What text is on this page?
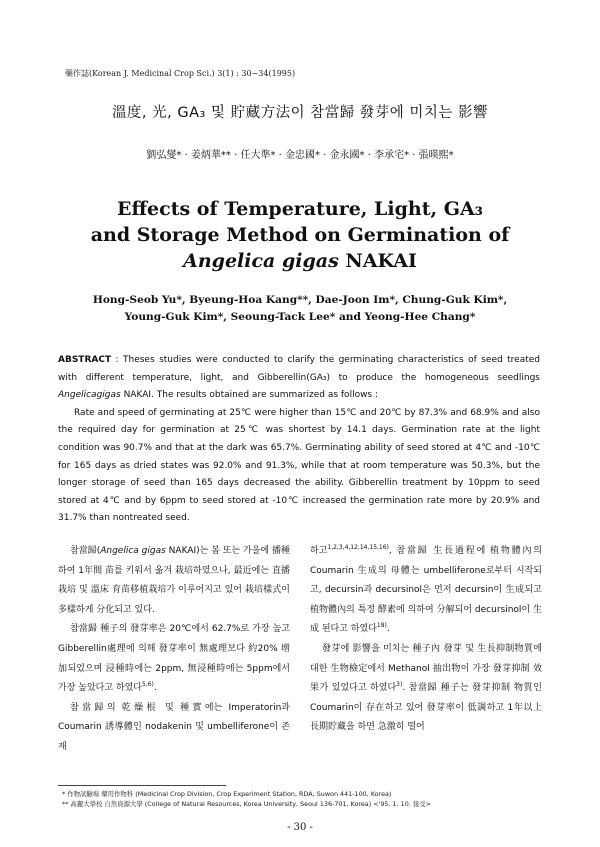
藥作誌(Korean J. Medicinal Crop Sci.) 3(1) : 30~34(1995)
溫度, 光, GA₃ 및 貯藏方法이 참當歸 發芽에 미치는 影響
劉弘燮* · 姜炳華** · 任大準* · 金忠國* · 金永國* · 李承宅* · 張暎熙*
Effects of Temperature, Light, GA₃
and Storage Method on Germination of
Angelica gigas NAKAI
Hong-Seob Yu*, Byeung-Hoa Kang**, Dae-Joon Im*, Chung-Guk Kim*,
Young-Guk Kim*, Seoung-Tack Lee* and Yeong-Hee Chang*

ABSTRACT : Theses studies were conducted to clarify the germinating characteristics of seed treated with different temperature, light, and Gibberellin(GA₃) to produce the homogeneous seedlings Angelicagigas NAKAI. The results obtained are summarized as follows :

Rate and speed of germinating at 25℃ were higher than 15℃ and 20℃ by 87.3% and 68.9% and also the required day for germination at 25℃ was shortest by 14.1 days. Germination rate at the light condition was 90.7% and that at the dark was 65.7%. Germinating ability of seed stored at 4℃ and -10℃ for 165 days as dried states was 92.0% and 91.3%, while that at room temperature was 50.3%, but the longer storage of seed than 165 days decreased the ability. Gibberellin treatment by 10ppm to seed stored at 4℃ and by 6ppm to seed stored at -10℃ increased the germination rate more by 20.9% and 31.7% than nontreated seed.

참當歸(Angelica gigas NAKAI)는 봄 또는 가을에 播種하여 1年間 苗를 키워서 옮겨 栽培하였으나, 最近에는 直播栽培 및 溫床 育苗移植栽培가 이루어지고 있어 栽培樣式이 多樣하게 分化되고 있다.

참當歸 種子의 發芽率은 20℃에서 62.7%로 가장 높고 Gibberellin處理에 의해 發芽率이 無處理보다 約20% 增加되었으며 浸種時에는 2ppm, 無浸種時에는 5ppm에서 가장 높았다고 하였다$^{5,6)}$.

참當歸의 乾燥根 및 種實에는 Imperatorin과 Coumarin 誘導體인 nodakenin 및 umbelliferone이 존재

하고$^{1,2,3,4,12,14,15,16)}$, 참當歸 生長過程에 植物體內의 Coumarin 生成의 母體는 umbelliferone로부터 시작되고, decursin과 decursinol은 먼저 decursin이 生成되고 植物體內의 특정 酵素에 의하여 分解되어 decursinol이 生成 된다고 하였다$^{18)}$.

發芽에 影響을 미치는 種子內 發芽 및 生長抑制物質에 대한 生物檢定에서 Methanol 抽出物이 가장 發芽抑制 效果가 있었다고 하였다$^{3)}$. 참當歸 種子는 發芽抑制 物質인 Coumarin이 存在하고 있어 發芽率이 低調하고 1年以上 長期貯藏을 하면 急激히 떨어

* 作物試驗場 藥用作物科 (Medicinal Crop Division, Crop Experiment Station, RDA, Suwon 441-100, Korea)
** 高麗大學校 自然資源大學 (College of Natural Resources, Korea University, Seoul 136-701, Korea) <'95. 1. 10. 接受>
- 30 -
